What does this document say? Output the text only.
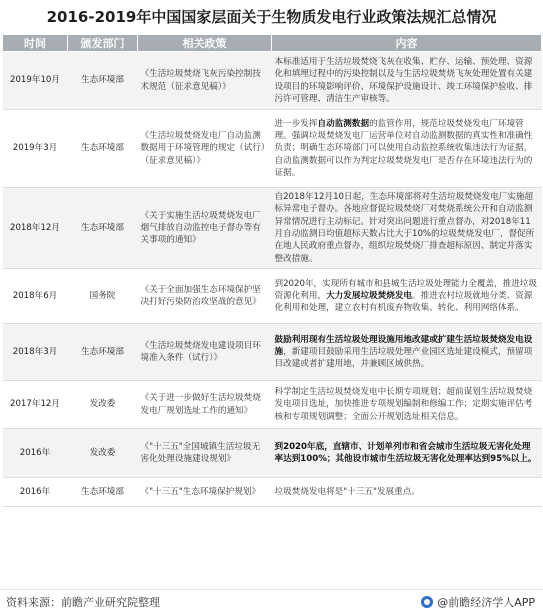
2016-2019年中国国家层面关于生物质发电行业政策法规汇总情况
时间	颁发部门	相关政策	内容
2019年10月	生态环境部	《生活垃圾焚烧飞灰污染控制技术规范（征求意见稿）》	本标准适用于生活垃圾焚烧飞灰在收集、贮存、运输、预处理、资源化和填埋过程中的污染控制以及与生活垃圾焚烧飞灰处理处置有关建设项目的环境影响评价、环境保护设施设计、竣工环境保护验收、排污许可管理、清洁生产审核等。
2019年3月	生态环境部	《生活垃圾焚烧发电厂自动监测数据用于环境管理的规定（试行）（征求意见稿）》	进一步发挥自动监测数据的监管作用，规范垃圾焚烧发电厂环境管理。强调垃圾焚烧发电厂运营单位对自动监测数据的真实性和准确性负责；明确生态环境部门可以使用自动监控系统收集违法行为证据，自动监测数据可以作为判定垃圾焚烧发电厂是否存在环境违法行为的证据。
2018年12月	生态环境部	《关于实施生活垃圾焚烧发电厂烟气排放自动监控电子督办等有关事项的通知》	自2018年12月10日起，生态环境部将对生活垃圾焚烧发电厂实施超标异常电子督办。各地应督促垃圾焚烧厂对焚烧系统公开和自动监测异常情况进行主动标记。针对突出问题进行重点督办，对2018年11月自动监测日均值超标天数占比大于10%的垃圾焚烧发电厂，督促所在地人民政府重点督办，组织垃圾焚烧厂排查超标原因、制定并落实整改措施。
2018年6月	国务院	《关于全面加强生态环境保护坚决打好污染防治攻坚战的意见》	到2020年，实现所有城市和县城生活垃圾处理能力全覆盖，推进垃圾资源化利用，大力发展垃圾焚烧发电。推进农村垃圾就地分类、资源化利用和处理，建立农村有机废弃物收集、转化、利用网络体系。
2018年3月	生态环境部	《生活垃圾焚烧发电建设项目环境准入条件（试行）》	鼓励利用现有生活垃圾处理设施用地改建或扩建生活垃圾焚烧发电设施，新建项目鼓励采用生活垃圾处理产业园区选址建设模式，预留项目改建或者扩建用地，并兼顾区域供热。
2017年12月	发改委	《关于进一步做好生活垃圾焚烧发电厂规划选址工作的通知》	科学制定生活垃圾焚烧发电中长期专项规划；超前谋划生活垃圾焚烧发电项目选址，加快推进专项规划编制和修编工作；定期实施评估考核和专项规划调整；全面公开规划选址相关信息。
2016年	发改委	《"十三五"全国城镇生活垃圾无害化处理设施建设规划》	到2020年底，直辖市、计划单列市和省会城市生活垃圾无害化处理率达到100%；其他设市城市生活垃圾无害化处理率达到95%以上。
2016年	生态环境部	《"十三五"生态环境保护规划》	垃圾焚烧发电将是"十三五"发展重点。
资料来源：前瞻产业研究院整理	@前瞻经济学人APP
